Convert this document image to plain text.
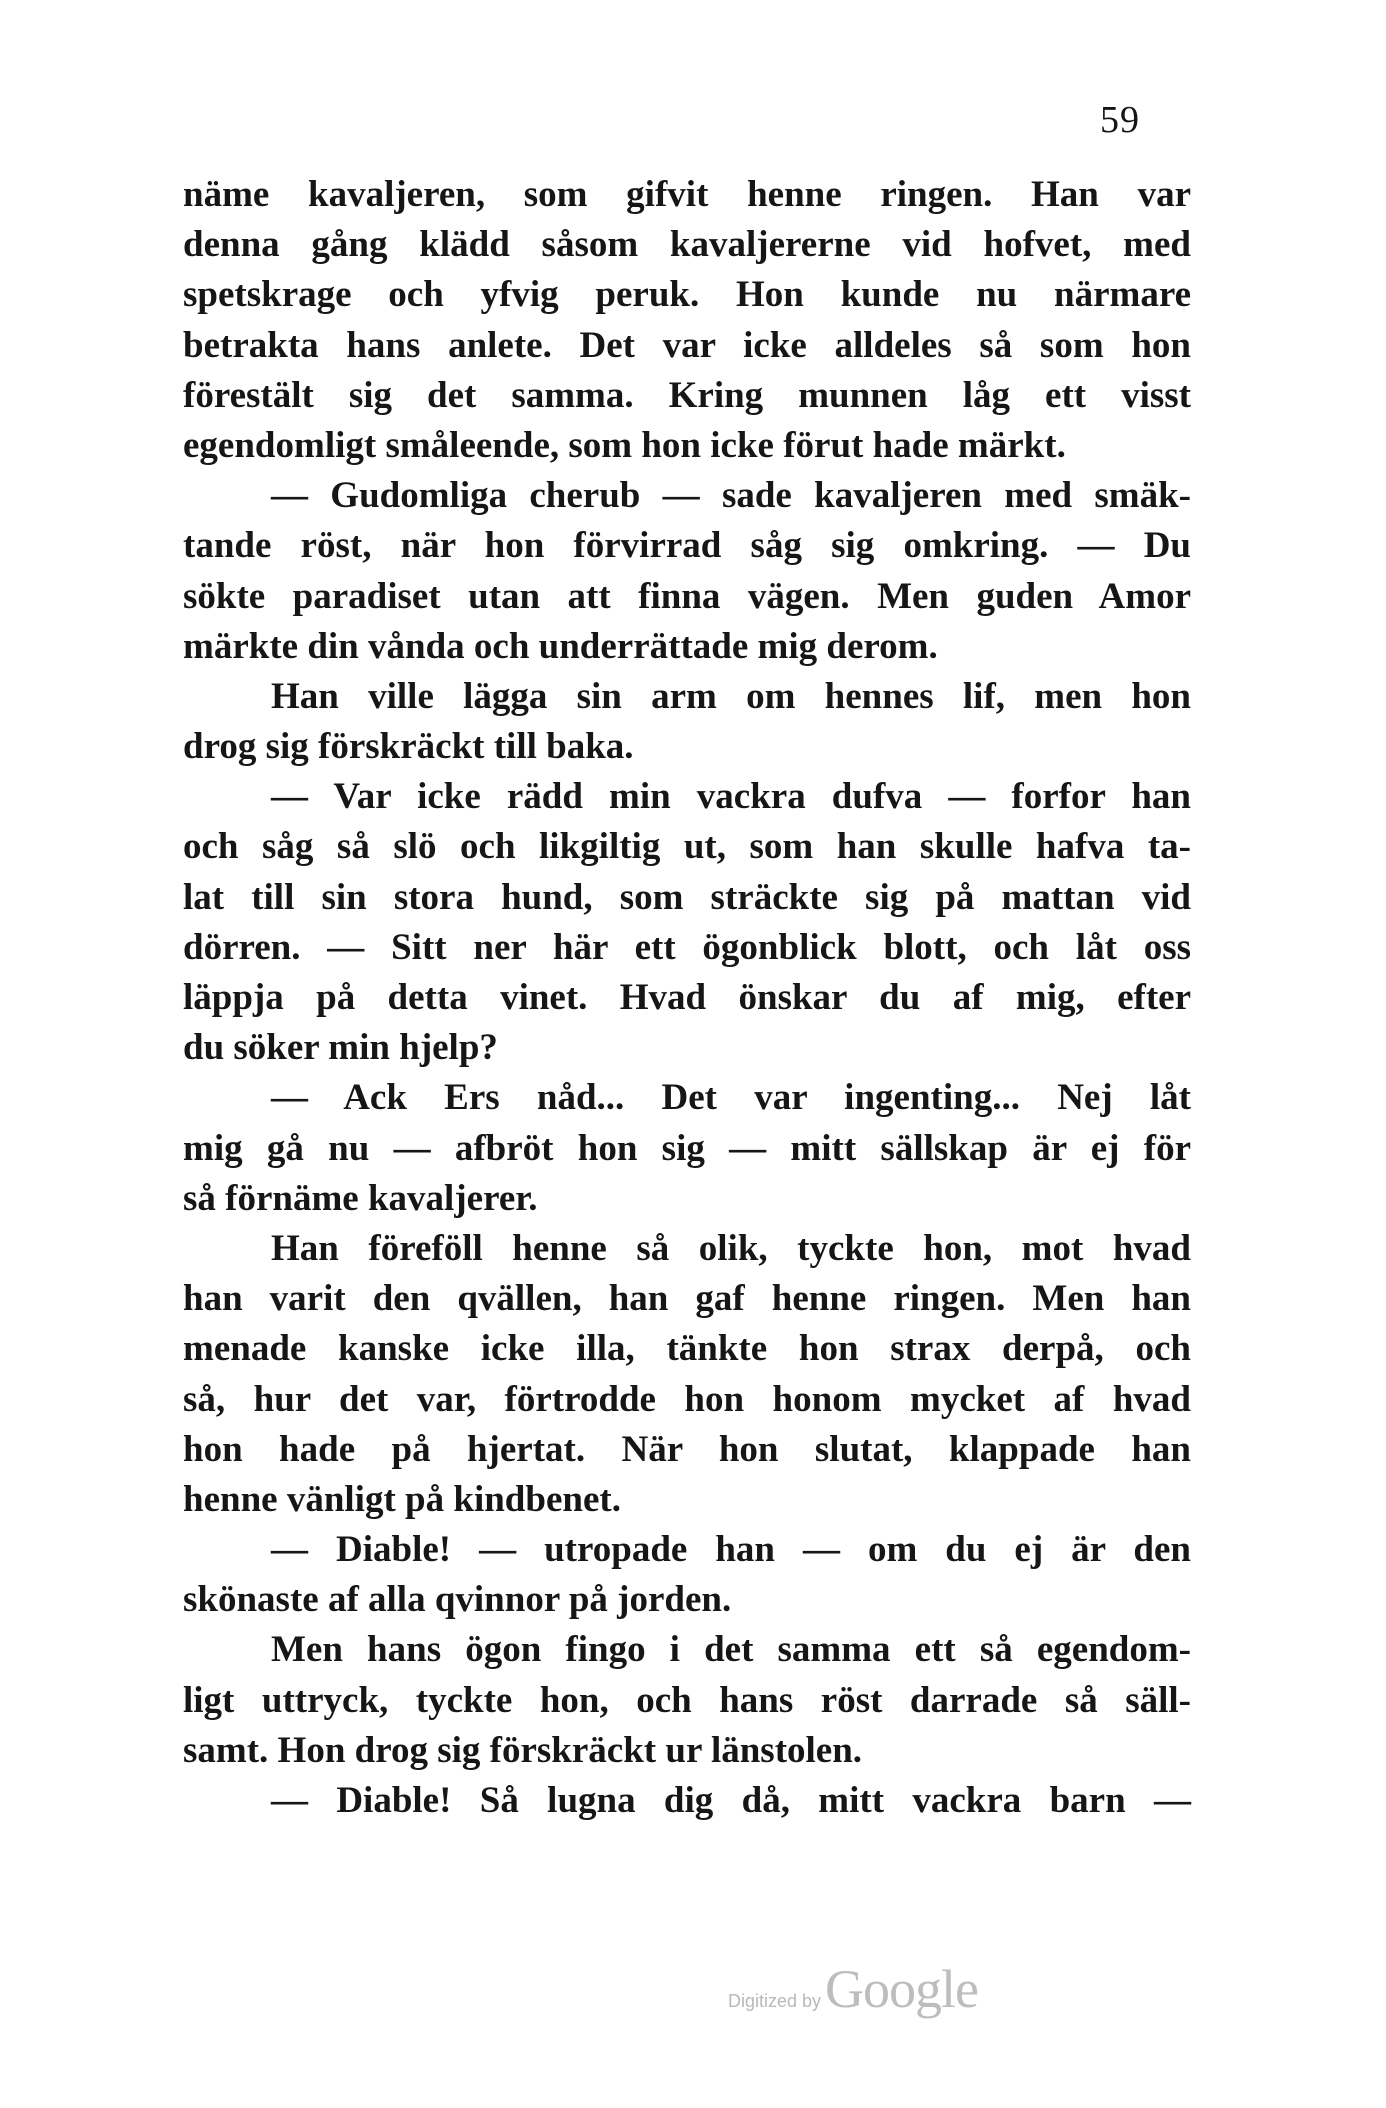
59
näme kavaljeren, som gifvit henne ringen. Han var
denna gång klädd såsom kavaljererne vid hofvet, med
spetskrage och yfvig peruk. Hon kunde nu närmare
betrakta hans anlete. Det var icke alldeles så som hon
förestält sig det samma. Kring munnen låg ett visst
egendomligt småleende, som hon icke förut hade märkt.
— Gudomliga cherub — sade kavaljeren med smäk-
tande röst, när hon förvirrad såg sig omkring. — Du
sökte paradiset utan att finna vägen. Men guden Amor
märkte din vånda och underrättade mig derom.
Han ville lägga sin arm om hennes lif, men hon
drog sig förskräckt till baka.
— Var icke rädd min vackra dufva — forfor han
och såg så slö och likgiltig ut, som han skulle hafva ta-
lat till sin stora hund, som sträckte sig på mattan vid
dörren. — Sitt ner här ett ögonblick blott, och låt oss
läppja på detta vinet. Hvad önskar du af mig, efter
du söker min hjelp?
— Ack Ers nåd... Det var ingenting... Nej låt
mig gå nu — afbröt hon sig — mitt sällskap är ej för
så förnäme kavaljerer.
Han föreföll henne så olik, tyckte hon, mot hvad
han varit den qvällen, han gaf henne ringen. Men han
menade kanske icke illa, tänkte hon strax derpå, och
så, hur det var, förtrodde hon honom mycket af hvad
hon hade på hjertat. När hon slutat, klappade han
henne vänligt på kindbenet.
— Diable! — utropade han — om du ej är den
skönaste af alla qvinnor på jorden.
Men hans ögon fingo i det samma ett så egendom-
ligt uttryck, tyckte hon, och hans röst darrade så säll-
samt. Hon drog sig förskräckt ur länstolen.
— Diable! Så lugna dig då, mitt vackra barn —
Digitized by Google
